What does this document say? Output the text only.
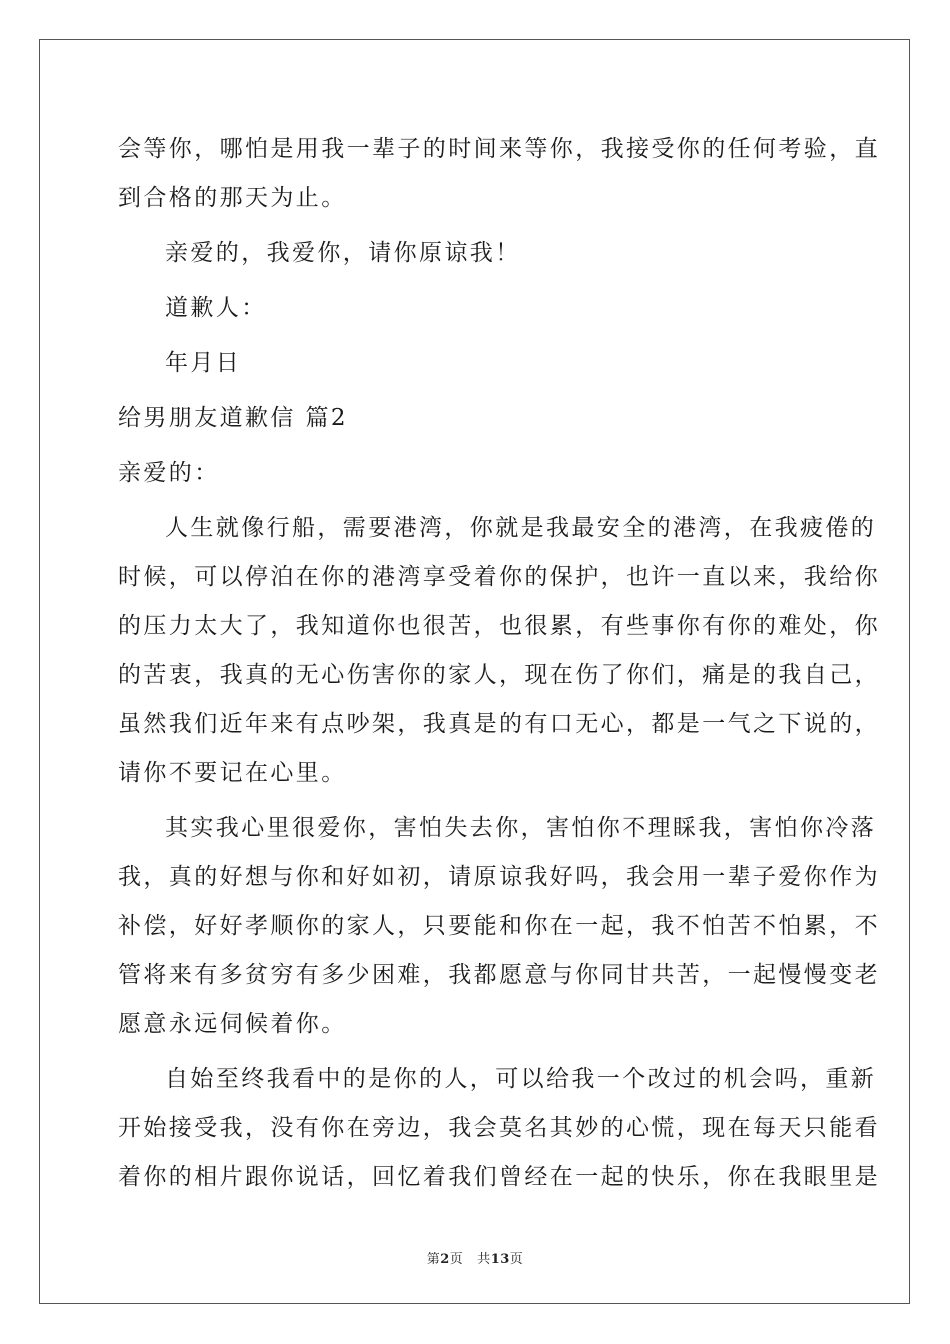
会等你，哪怕是用我一辈子的时间来等你，我接受你的任何考验，直
到合格的那天为止。
亲爱的，我爱你，请你原谅我！
道歉人：
年月日
给男朋友道歉信 篇2
亲爱的：
人生就像行船，需要港湾，你就是我最安全的港湾，在我疲倦的
时候，可以停泊在你的港湾享受着你的保护，也许一直以来，我给你
的压力太大了，我知道你也很苦，也很累，有些事你有你的难处，你
的苦衷，我真的无心伤害你的家人，现在伤了你们，痛是的我自己，
虽然我们近年来有点吵架，我真是的有口无心，都是一气之下说的，
请你不要记在心里。
其实我心里很爱你，害怕失去你，害怕你不理睬我，害怕你冷落
我，真的好想与你和好如初，请原谅我好吗，我会用一辈子爱你作为
补偿，好好孝顺你的家人，只要能和你在一起，我不怕苦不怕累，不
管将来有多贫穷有多少困难，我都愿意与你同甘共苦，一起慢慢变老
愿意永远伺候着你。
自始至终我看中的是你的人，可以给我一个改过的机会吗，重新
开始接受我，没有你在旁边，我会莫名其妙的心慌，现在每天只能看
着你的相片跟你说话，回忆着我们曾经在一起的快乐，你在我眼里是
第2页 共13页
